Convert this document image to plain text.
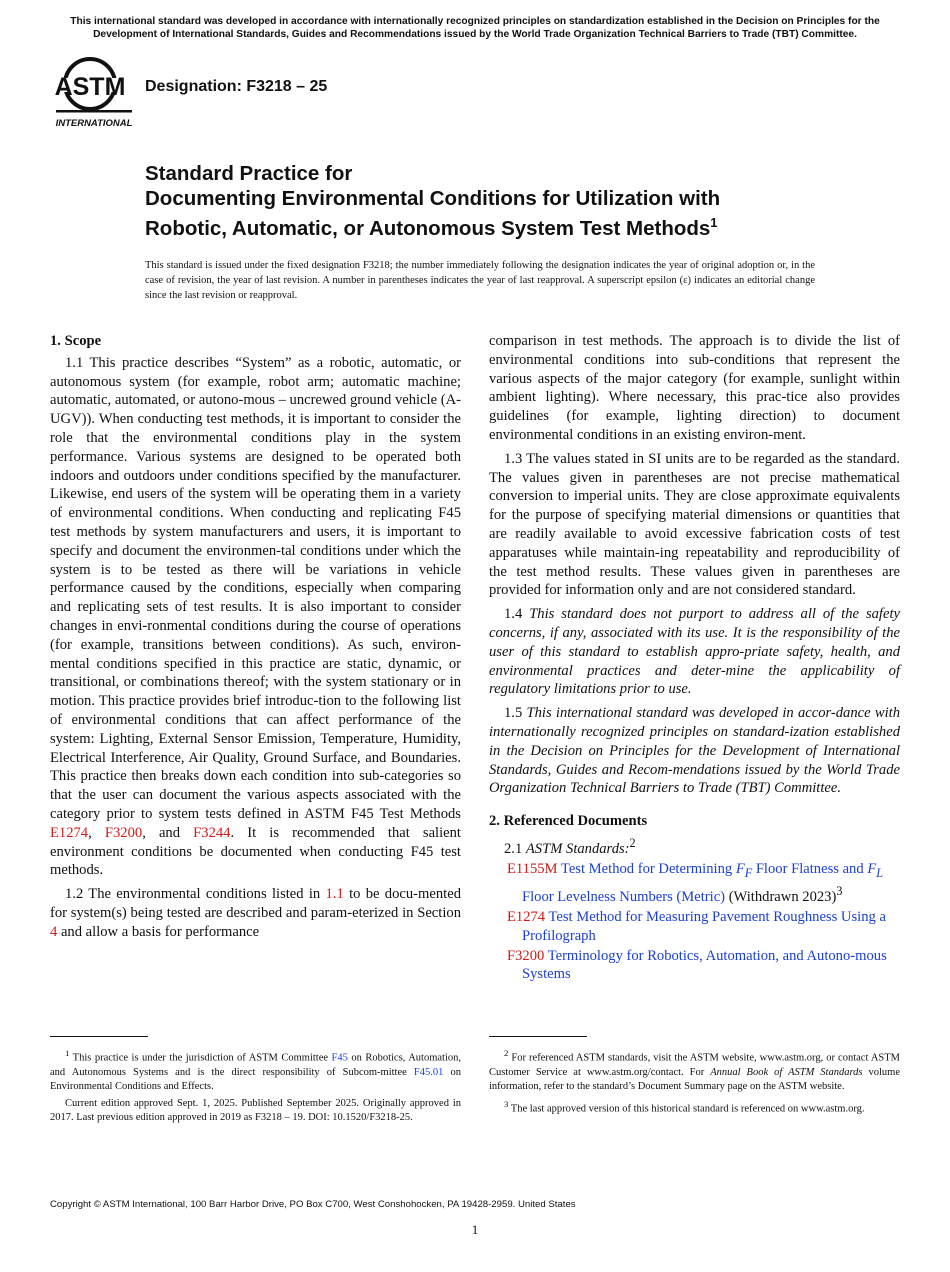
This international standard was developed in accordance with internationally recognized principles on standardization established in the Decision on Principles for the Development of International Standards, Guides and Recommendations issued by the World Trade Organization Technical Barriers to Trade (TBT) Committee.
ASTM
INTERNATIONAL
Designation: F3218 – 25
Standard Practice for
Documenting Environmental Conditions for Utilization with
Robotic, Automatic, or Autonomous System Test Methods$^1$
This standard is issued under the fixed designation F3218; the number immediately following the designation indicates the year of original adoption or, in the case of revision, the year of last revision. A number in parentheses indicates the year of last reapproval. A superscript epsilon (ε) indicates an editorial change since the last revision or reapproval.
1. Scope

1.1 This practice describes “System” as a robotic, automatic, or autonomous system (for example, robot arm; automatic machine; automatic, automated, or autono-mous – uncrewed ground vehicle (A-UGV)). When conducting test methods, it is important to consider the role that the environmental conditions play in the system performance. Various systems are designed to be operated both indoors and outdoors under conditions specified by the manufacturer. Likewise, end users of the system will be operating them in a variety of environmental conditions. When conducting and replicating F45 test methods by system manufacturers and users, it is important to specify and document the environmen-tal conditions under which the system is to be tested as there will be variations in vehicle performance caused by the conditions, especially when comparing and replicating sets of test results. It is also important to consider changes in envi-ronmental conditions during the course of operations (for example, transitions between conditions). As such, environ-mental conditions specified in this practice are static, dynamic, or transitional, or combinations thereof; with the system stationary or in motion. This practice provides brief introduc-tion to the following list of environmental conditions that can affect performance of the system: Lighting, External Sensor Emission, Temperature, Humidity, Electrical Interference, Air Quality, Ground Surface, and Boundaries. This practice then breaks down each condition into sub-categories so that the user can document the various aspects associated with the category prior to system tests defined in ASTM F45 Test Methods E1274, F3200, and F3244. It is recommended that salient environment conditions be documented when conducting F45 test methods.

1.2 The environmental conditions listed in 1.1 to be docu-mented for system(s) being tested are described and param-eterized in Section 4 and allow a basis for performance

comparison in test methods. The approach is to divide the list of environmental conditions into sub-conditions that represent the various aspects of the major category (for example, sunlight within ambient lighting). Where necessary, this prac-tice also provides guidelines (for example, lighting direction) to document environmental conditions in an existing environ-ment.

1.3 The values stated in SI units are to be regarded as the standard. The values given in parentheses are not precise mathematical conversion to imperial units. They are close approximate equivalents for the purpose of specifying material dimensions or quantities that are readily available to avoid excessive fabrication costs of test apparatuses while maintain-ing repeatability and reproducibility of the test method results. These values given in parentheses are provided for information only and are not considered standard.

1.4 This standard does not purport to address all of the safety concerns, if any, associated with its use. It is the responsibility of the user of this standard to establish appro-priate safety, health, and environmental practices and deter-mine the applicability of regulatory limitations prior to use.

1.5 This international standard was developed in accor-dance with internationally recognized principles on standard-ization established in the Decision on Principles for the Development of International Standards, Guides and Recom-mendations issued by the World Trade Organization Technical Barriers to Trade (TBT) Committee.

2. Referenced Documents

2.1 ASTM Standards:$^2$

E1155M Test Method for Determining $F_F$ Floor Flatness and $F_L$ Floor Levelness Numbers (Metric) (Withdrawn 2023)$^3$
E1274 Test Method for Measuring Pavement Roughness Using a Profilograph
F3200 Terminology for Robotics, Automation, and Autono-mous Systems

$^1$ This practice is under the jurisdiction of ASTM Committee F45 on Robotics, Automation, and Autonomous Systems and is the direct responsibility of Subcom-mittee F45.01 on Environmental Conditions and Effects.

Current edition approved Sept. 1, 2025. Published September 2025. Originally approved in 2017. Last previous edition approved in 2019 as F3218 – 19. DOI: 10.1520/F3218-25.

$^2$ For referenced ASTM standards, visit the ASTM website, www.astm.org, or contact ASTM Customer Service at www.astm.org/contact. For Annual Book of ASTM Standards volume information, refer to the standard’s Document Summary page on the ASTM website.

$^3$ The last approved version of this historical standard is referenced on www.astm.org.

Copyright © ASTM International, 100 Barr Harbor Drive, PO Box C700, West Conshohocken, PA 19428-2959. United States
1
